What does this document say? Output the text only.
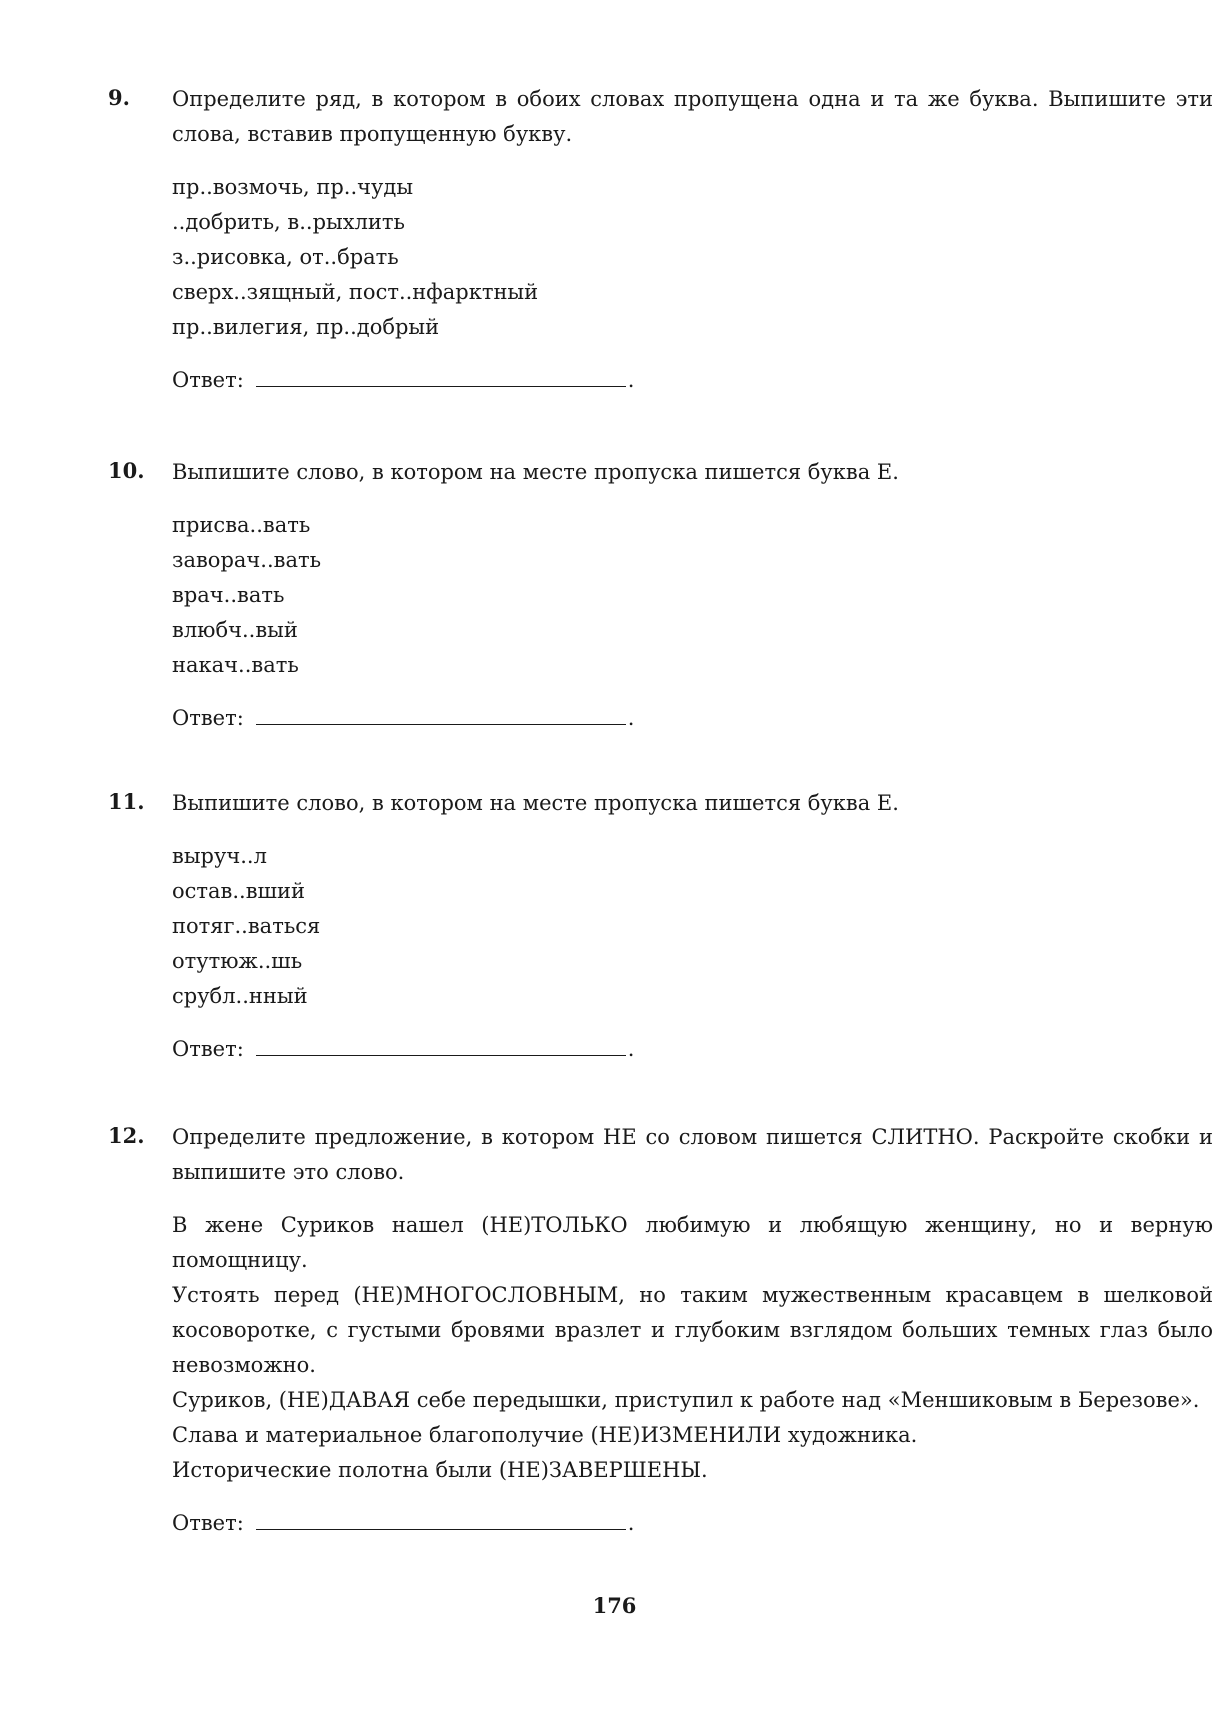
9. Определите ряд, в котором в обоих словах пропущена одна и та же буква. Выпишите эти слова, вставив пропущенную букву.

пр..возмочь, пр..чуды
..добрить, в..рыхлить
з..рисовка, от..брать
сверх..зящный, пост..нфарктный
пр..вилегия, пр..добрый
Ответ:	.
10. Выпишите слово, в котором на месте пропуска пишется буква Е.

присва..вать
заворач..вать
врач..вать
влюбч..вый
накач..вать
Ответ:	.
11. Выпишите слово, в котором на месте пропуска пишется буква Е.

выруч..л
остав..вший
потяг..ваться
отутюж..шь
срубл..нный
Ответ:	.
12. Определите предложение, в котором НЕ со словом пишется СЛИТНО. Раскройте скобки и выпишите это слово.

В жене Суриков нашел (НЕ)ТОЛЬКО любимую и любящую женщину, но и верную помощницу.

Устоять перед (НЕ)МНОГОСЛОВНЫМ, но таким мужественным красавцем в шелковой косоворотке, с густыми бровями вразлет и глубоким взглядом больших темных глаз было невозможно.

Суриков, (НЕ)ДАВАЯ себе передышки, приступил к работе над «Меншиковым в Березове».

Слава и материальное благополучие (НЕ)ИЗМЕНИЛИ художника.

Исторические полотна были (НЕ)ЗАВЕРШЕНЫ.

Ответ:	.
176
